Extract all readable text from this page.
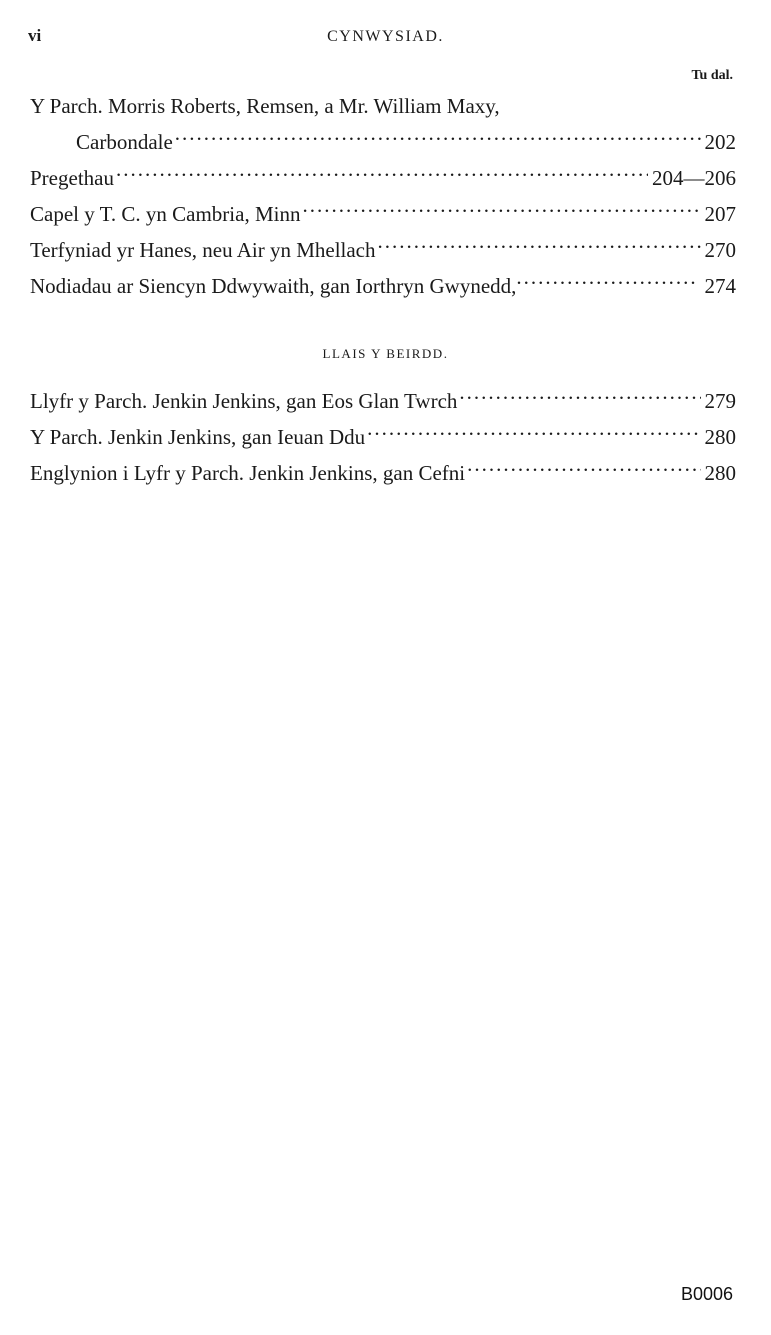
vi	CYNWYSIAD.
Tu dal.
Y Parch. Morris Roberts, Remsen, a Mr. William Maxy,
Carbondale .....	202
Pregethau .....	204—206
Capel y T. C. yn Cambria, Minn .....	207
Terfyniad yr Hanes, neu Air yn Mhellach .....	270
Nodiadau ar Siencyn Ddwywaith, gan Iorthryn Gwynedd, .....	274
LLAIS Y BEIRDD.
Llyfr y Parch. Jenkin Jenkins, gan Eos Glan Twrch .....	279
Y Parch. Jenkin Jenkins, gan Ieuan Ddu .....	280
Englynion i Lyfr y Parch. Jenkin Jenkins, gan Cefni .....	280
B0006
